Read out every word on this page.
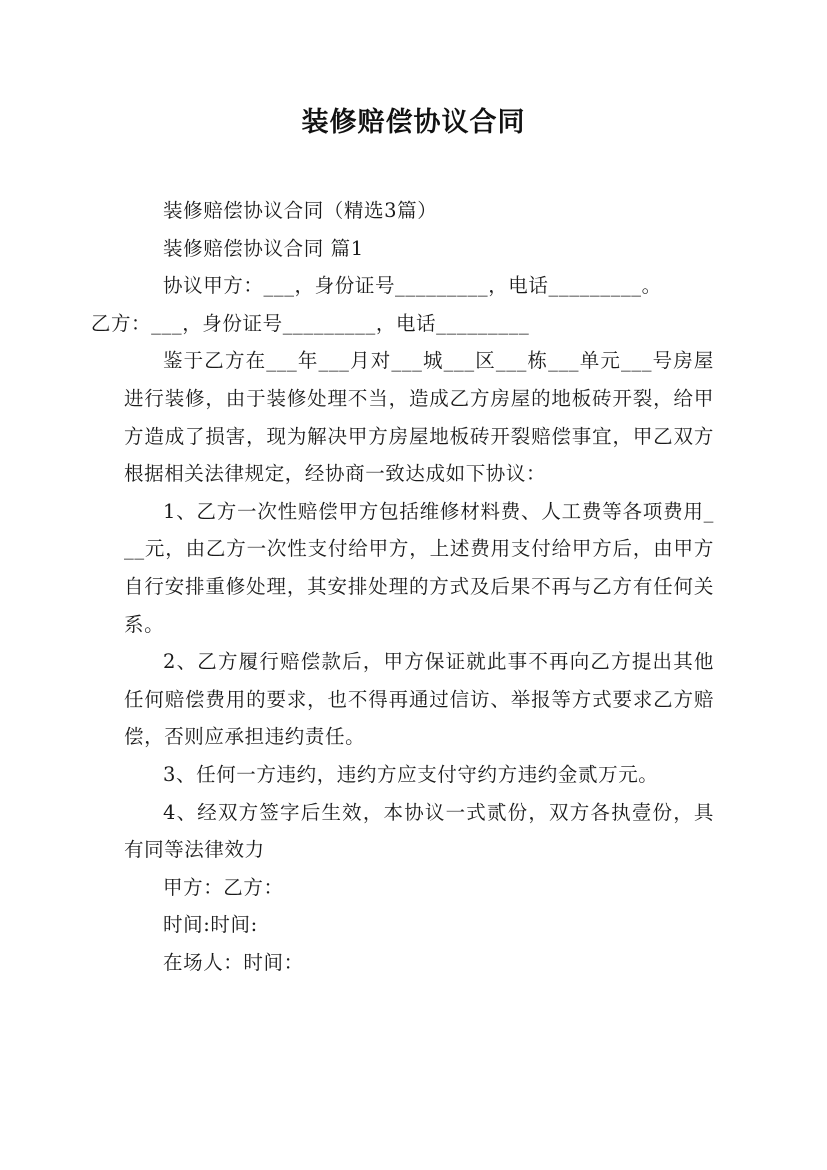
装修赔偿协议合同

装修赔偿协议合同（精选3篇）

装修赔偿协议合同 篇1

协议甲方：___，身份证号_________，电话_________。

乙方：___，身份证号_________，电话_________

鉴于乙方在___年___月对___城___区___栋___单元___号房屋进行装修，由于装修处理不当，造成乙方房屋的地板砖开裂，给甲方造成了损害，现为解决甲方房屋地板砖开裂赔偿事宜，甲乙双方根据相关法律规定，经协商一致达成如下协议：

1、乙方一次性赔偿甲方包括维修材料费、人工费等各项费用___元，由乙方一次性支付给甲方，上述费用支付给甲方后，由甲方自行安排重修处理，其安排处理的方式及后果不再与乙方有任何关系。

2、乙方履行赔偿款后，甲方保证就此事不再向乙方提出其他任何赔偿费用的要求，也不得再通过信访、举报等方式要求乙方赔偿，否则应承担违约责任。

3、任何一方违约，违约方应支付守约方违约金贰万元。

4、经双方签字后生效，本协议一式贰份，双方各执壹份，具有同等法律效力

甲方：乙方：

时间:时间:

在场人：时间：
